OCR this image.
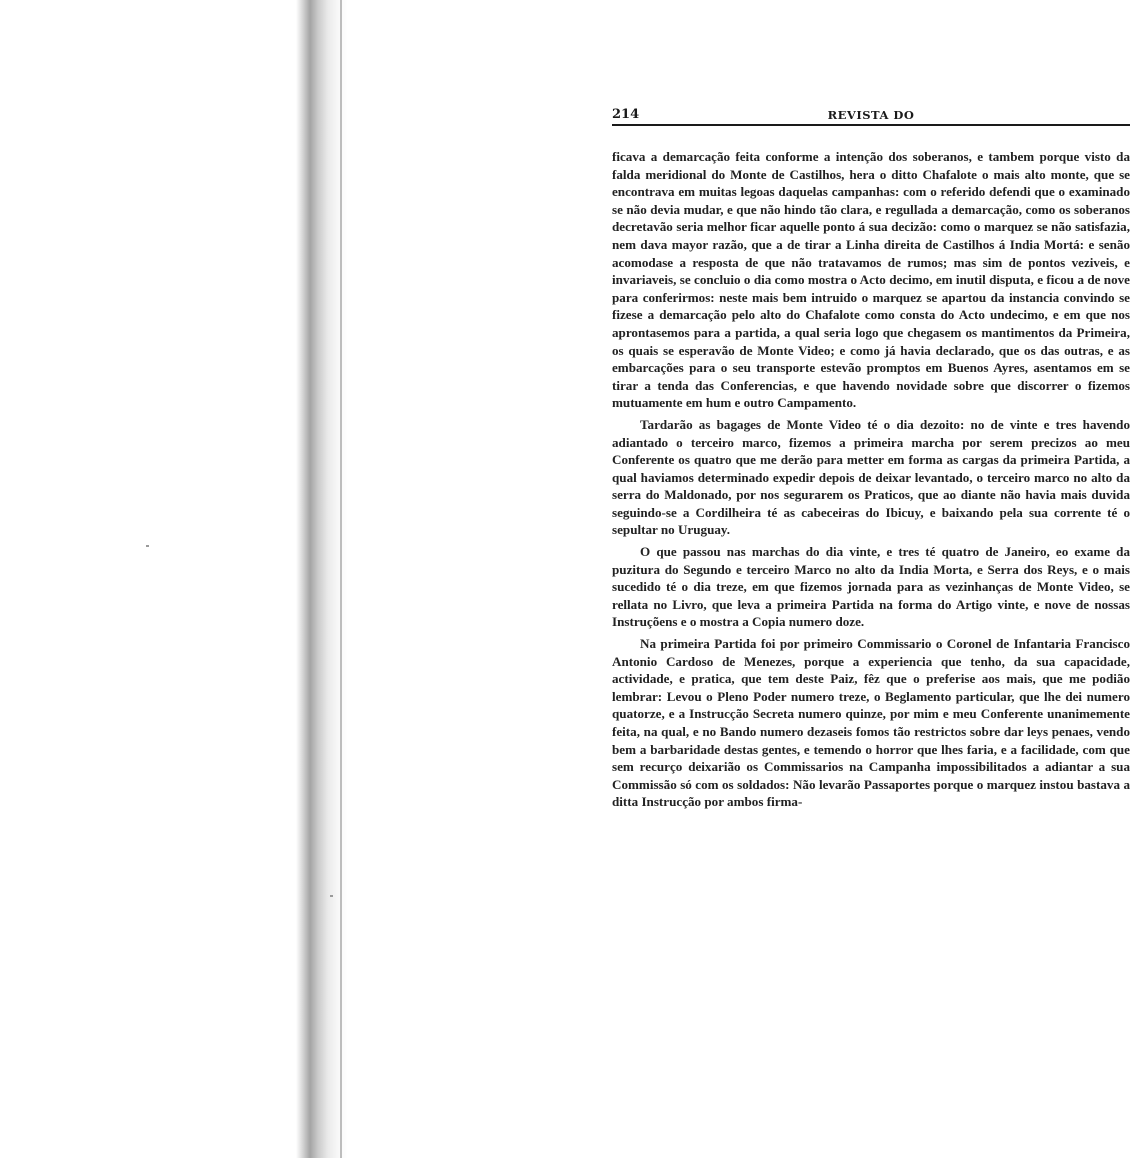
214	REVISTA DO

ficava a demarcação feita conforme a intenção dos soberanos, e tambem porque visto da falda meridional do Monte de Castilhos, hera o ditto Chafalote o mais alto monte, que se encontrava em muitas legoas daquelas campanhas: com o referido defendi que o examinado se não devia mudar, e que não hindo tão clara, e regullada a demarcação, como os soberanos decretavão seria melhor ficar aquelle ponto á sua decizão: como o marquez se não satisfazia, nem dava mayor razão, que a de tirar a Linha direita de Castilhos á India Mortá: e senão acomodase a resposta de que não tratavamos de rumos; mas sim de pontos veziveis, e invariaveis, se concluio o dia como mostra o Acto decimo, em inutil disputa, e ficou a de nove para conferirmos: neste mais bem intruido o marquez se apartou da instancia convindo se fizese a demarcação pelo alto do Chafalote como consta do Acto undecimo, e em que nos aprontasemos para a partida, a qual seria logo que chegasem os mantimentos da Primeira, os quais se esperavão de Monte Video; e como já havia declarado, que os das outras, e as embarcações para o seu transporte estevão promptos em Buenos Ayres, asentamos em se tirar a tenda das Conferencias, e que havendo novidade sobre que discorrer o fizemos mutuamente em hum e outro Campamento.

Tardarão as bagages de Monte Video té o dia dezoito: no de vinte e tres havendo adiantado o terceiro marco, fizemos a primeira marcha por serem precizos ao meu Conferente os quatro que me derão para metter em forma as cargas da primeira Partida, a qual haviamos determinado expedir depois de deixar levantado, o terceiro marco no alto da serra do Maldonado, por nos segurarem os Praticos, que ao diante não havia mais duvida seguindo-se a Cordilheira té as cabeceiras do Ibicuy, e baixando pela sua corrente té o sepultar no Uruguay.

O que passou nas marchas do dia vinte, e tres té quatro de Janeiro, eo exame da puzitura do Segundo e terceiro Marco no alto da India Morta, e Serra dos Reys, e o mais sucedido té o dia treze, em que fizemos jornada para as vezinhanças de Monte Video, se rellata no Livro, que leva a primeira Partida na forma do Artigo vinte, e nove de nossas Instruçõens e o mostra a Copia numero doze.

Na primeira Partida foi por primeiro Commissario o Coronel de Infantaria Francisco Antonio Cardoso de Menezes, porque a experiencia que tenho, da sua capacidade, actividade, e pratica, que tem deste Paiz, fêz que o preferise aos mais, que me podião lembrar: Levou o Pleno Poder numero treze, o Beglamento particular, que lhe dei numero quatorze, e a Instrucção Secreta numero quinze, por mim e meu Conferente unanimemente feita, na qual, e no Bando numero dezaseis fomos tão restrictos sobre dar leys penaes, vendo bem a barbaridade destas gentes, e temendo o horror que lhes faria, e a facilidade, com que sem recurço deixarião os Commissarios na Campanha impossibilitados a adiantar a sua Commissão só com os soldados: Não levarão Passaportes porque o marquez instou bastava a ditta Instrucção por ambos firma-
